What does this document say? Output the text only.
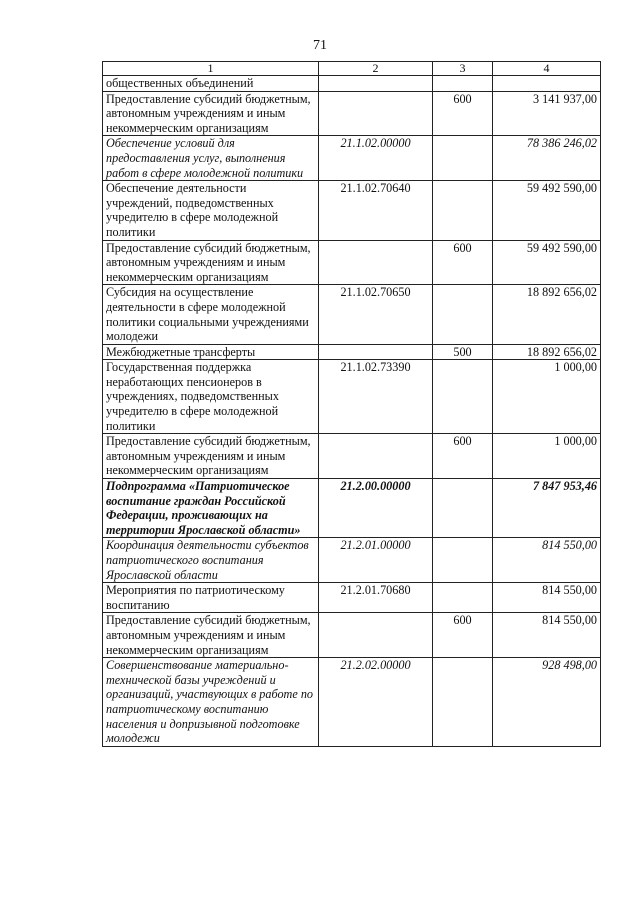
71
1	2	3	4
общественных объединений			
Предоставление субсидий бюджетным, автономным учреждениям и иным некоммерческим организациям		600	3 141 937,00
Обеспечение условий для предоставления услуг, выполнения работ в сфере молодежной политики	21.1.02.00000		78 386 246,02
Обеспечение деятельности учреждений, подведомственных учредителю в сфере молодежной политики	21.1.02.70640		59 492 590,00
Предоставление субсидий бюджетным, автономным учреждениям и иным некоммерческим организациям		600	59 492 590,00
Субсидия на осуществление деятельности в сфере молодежной политики социальными учреждениями молодежи	21.1.02.70650		18 892 656,02
Межбюджетные трансферты		500	18 892 656,02
Государственная поддержка неработающих пенсионеров в учреждениях, подведомственных учредителю в сфере молодежной политики	21.1.02.73390		1 000,00
Предоставление субсидий бюджетным, автономным учреждениям и иным некоммерческим организациям		600	1 000,00
Подпрограмма «Патриотическое воспитание граждан Российской Федерации, проживающих на территории Ярославской области»	21.2.00.00000		7 847 953,46
Координация деятельности субъектов патриотического воспитания Ярославской области	21.2.01.00000		814 550,00
Мероприятия по патриотическому воспитанию	21.2.01.70680		814 550,00
Предоставление субсидий бюджетным, автономным учреждениям и иным некоммерческим организациям		600	814 550,00
Совершенствование материально-технической базы учреждений и организаций, участвующих в работе по патриотическому воспитанию населения и допризывной подготовке молодежи	21.2.02.00000		928 498,00
